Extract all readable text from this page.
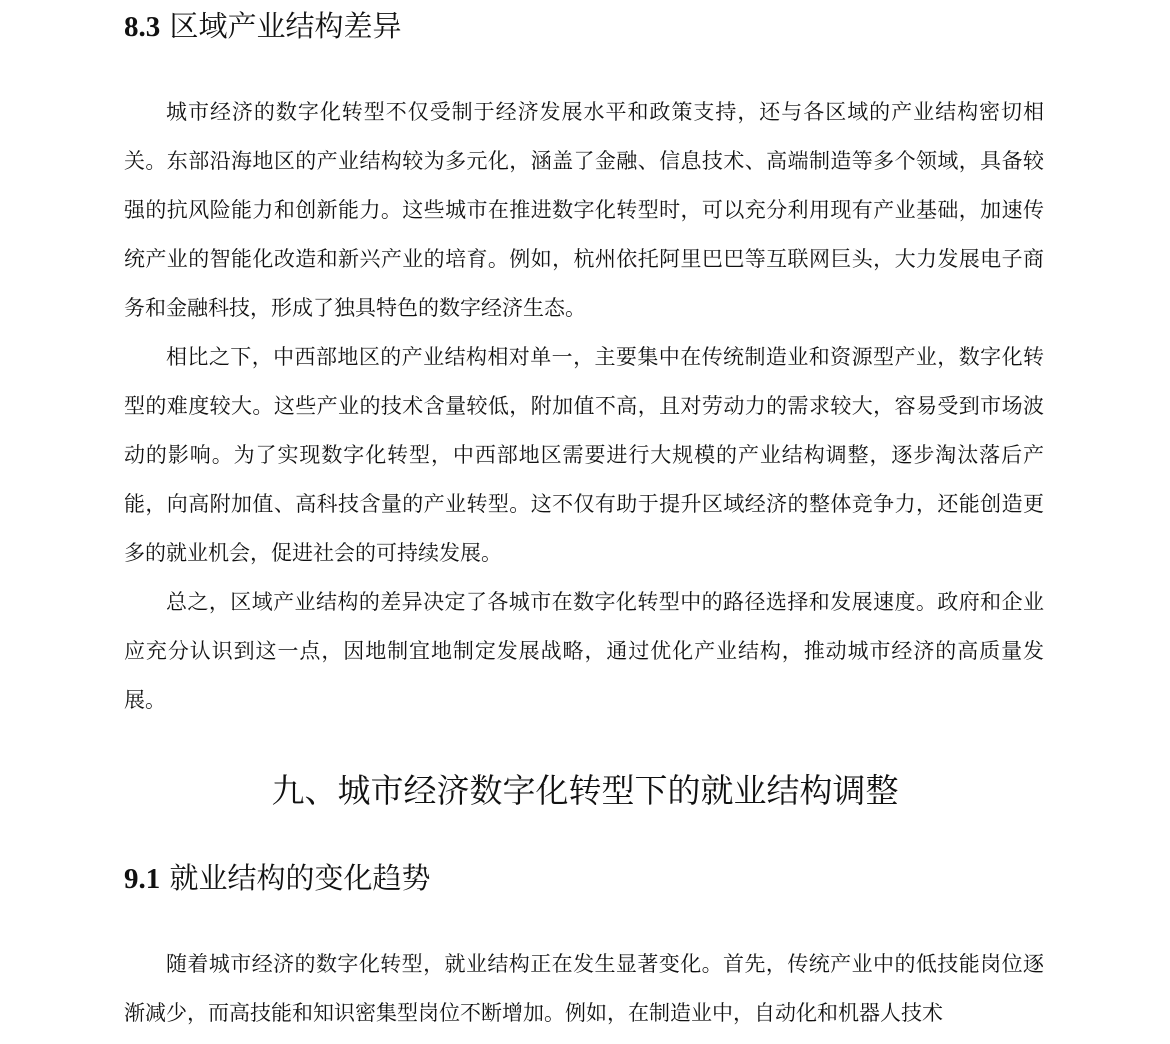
8.3 区域产业结构差异

城市经济的数字化转型不仅受制于经济发展水平和政策支持，还与各区域的产业结构密切相关。东部沿海地区的产业结构较为多元化，涵盖了金融、信息技术、高端制造等多个领域，具备较强的抗风险能力和创新能力。这些城市在推进数字化转型时，可以充分利用现有产业基础，加速传统产业的智能化改造和新兴产业的培育。例如，杭州依托阿里巴巴等互联网巨头，大力发展电子商务和金融科技，形成了独具特色的数字经济生态。

相比之下，中西部地区的产业结构相对单一，主要集中在传统制造业和资源型产业，数字化转型的难度较大。这些产业的技术含量较低，附加值不高，且对劳动力的需求较大，容易受到市场波动的影响。为了实现数字化转型，中西部地区需要进行大规模的产业结构调整，逐步淘汰落后产能，向高附加值、高科技含量的产业转型。这不仅有助于提升区域经济的整体竞争力，还能创造更多的就业机会，促进社会的可持续发展。

总之，区域产业结构的差异决定了各城市在数字化转型中的路径选择和发展速度。政府和企业应充分认识到这一点，因地制宜地制定发展战略，通过优化产业结构，推动城市经济的高质量发展。

九、城市经济数字化转型下的就业结构调整
9.1 就业结构的变化趋势

随着城市经济的数字化转型，就业结构正在发生显著变化。首先，传统产业中的低技能岗位逐渐减少，而高技能和知识密集型岗位不断增加。例如，在制造业中，自动化和机器人技术
